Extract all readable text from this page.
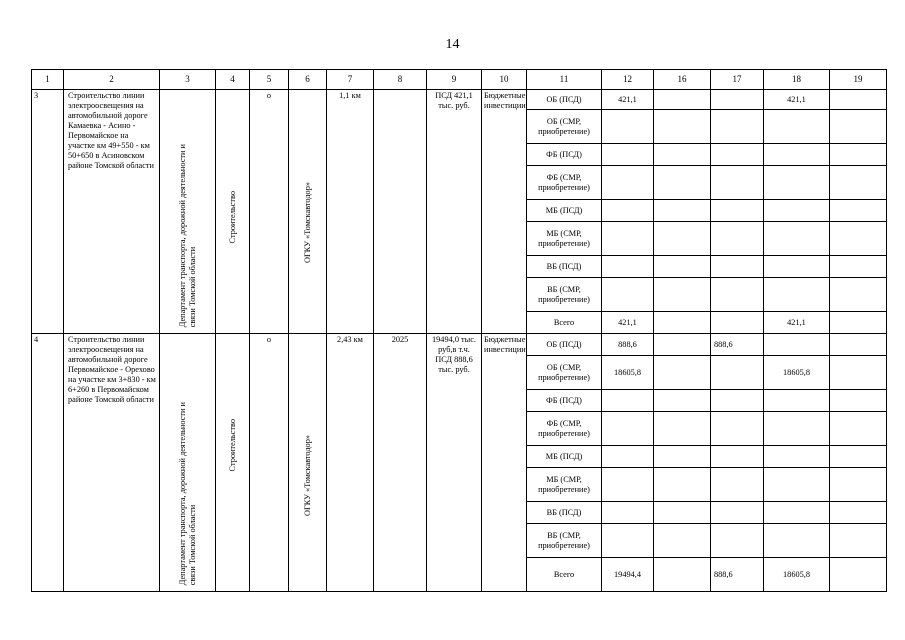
14
1	2	3	4	5	6	7	8	9	10	11	12	16	17	18	19
3	Строительство линии электроосвещения на автомобильной дороге Камаевка - Асино - Первомайское на участке км 49+550 - км 50+650 в Асиновском районе Томской области	Департамент транспорта, дорожной деятельности и
связи Томской области	Строительство	о	ОГКУ «Томскавтодор»	1,1 км		ПСД 421,1 тыс. руб.	Бюджетные инвестиции	ОБ (ПСД)	421,1			421,1	
										ОБ (СМР,
приобретение)					
										ФБ (ПСД)					
										ФБ (СМР,
приобретение)					
										МБ (ПСД)					
										МБ (СМР,
приобретение)					
										ВБ (ПСД)					
										ВБ (СМР,
приобретение)					
										Всего	421,1			421,1	
4	Строительство линии электроосвещения на автомобильной дороге Первомайское - Орехово на участке км 3+830 - км 6+260 в Первомайском районе Томской области	Департамент транспорта, дорожной деятельности и
связи Томской области	Строительство	о	ОГКУ «Томскавтодор»	2,43 км	2025	19494,0 тыс. руб,в т.ч. ПСД 888,6 тыс. руб.	Бюджетные инвестиции	ОБ (ПСД)	888,6		888,6		
										ОБ (СМР,
приобретение)	18605,8			18605,8	
										ФБ (ПСД)					
										ФБ (СМР,
приобретение)					
										МБ (ПСД)					
										МБ (СМР,
приобретение)					
										ВБ (ПСД)					
										ВБ (СМР,
приобретение)					
										Всего	19494,4		888,6	18605,8	
